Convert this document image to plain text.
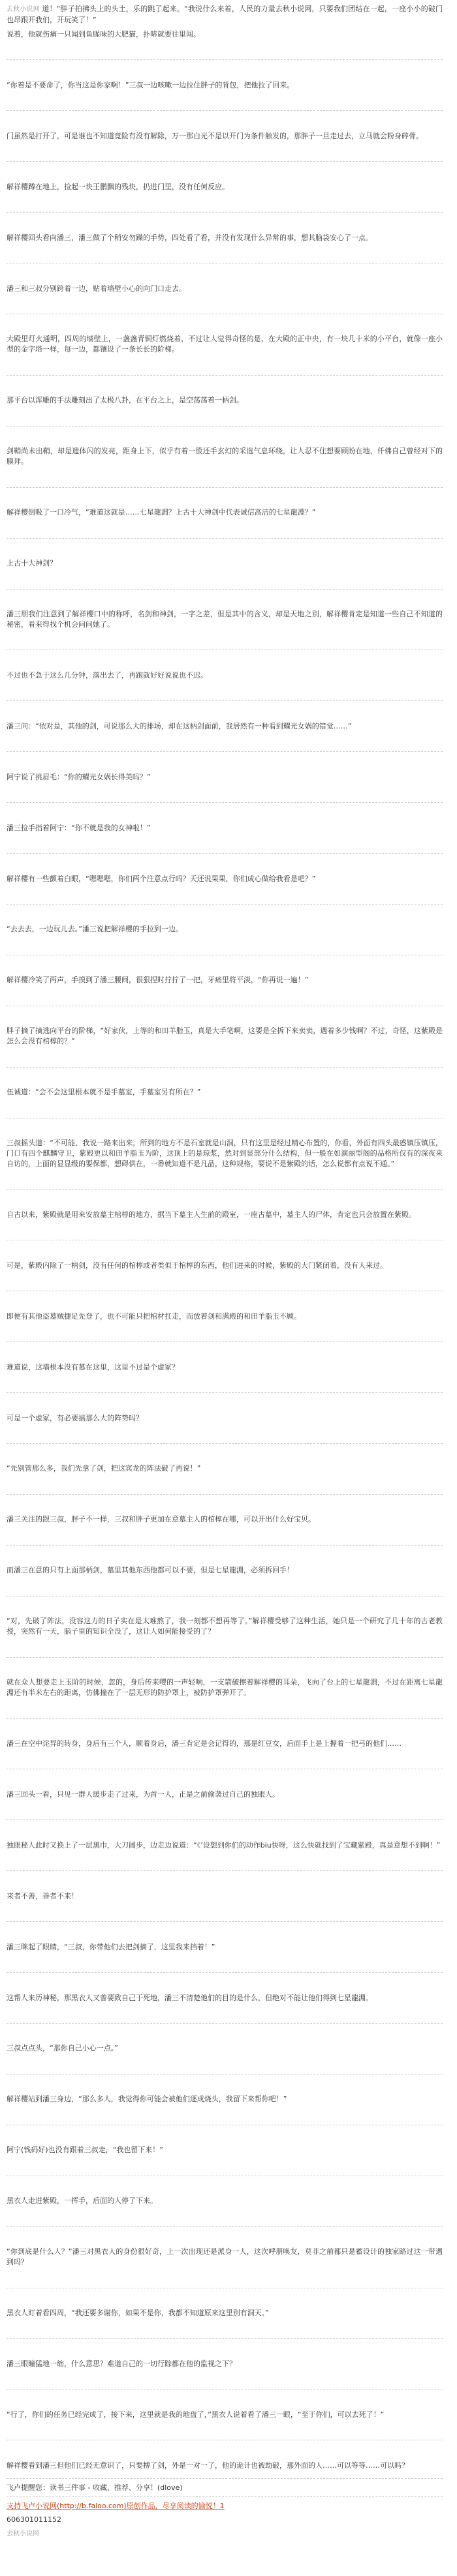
去秋小说网 道！“胖子拍拂头上的头土，乐的跳了起来。“我说什么来着，人民的力量去秋小说网，只要我们团结在一起，一座小小的破门也昂跟开我们，开玩笑了！”

说着，他就伤痛一只闻到鱼腥味的大肥猫，扑哧就要往里闯。

“你着是不要命了，你当这是你家啊！”三叔一边咳嗽一边拉住胖子的背包，把他拉了回来。

门虽然是打开了，可是谁也不知道竟险有没有解除，万一那白光不是以开门为条件触发的，那胖子一旦走过去，立马就会粉身碎骨。

解祥樱蹲在地上，捡起一块王鹏飘的残块，扔进门里，没有任何反应。

解祥樱回头看向潘三，潘三做了个稍安勿躁的手势，四处看了看，并没有发现什么异常的事，想其脑袋安心了一点。

潘三和三叔分别跨着一边，贴着墙壁小心的向门口走去。

大殿里灯火通明，四周的墙壁上，一盏盏青铜灯燃烧着，不过让人觉得奇怪的是，在大殿的正中央，有一块几十米的小平台，就像一座小型的金字塔一样，每一边，都镶设了一条长长的阶梯。

那平台以浑雕的手法雕刻出了太极八卦，在平台之上，是空荡荡着一柄剑。

剑鞘尚未出鞘，却是遗体闪的发亮，距身上下，似乎有着一股还手玄幻的采选气息环绕，让人忍不住想要顾盼在地，仟佛自己曾经对下的膜拜。

解祥樱倒吸了一口冷气，“难道这就是……七星龍淵？上古十大神剑中代表诚信高洁的七星龍淵？”

上古十大神剑？

潘三朋我们注意到了解祥樱口中的称呼，名剑和神剑，一字之差，但是其中的含义，却是天地之别，解祥樱肯定是知道一些自己不知道的秘密，看来得找个机会问问她了。

不过也不急于这么几分钟，落出去了，再跑就好好说说也不迟。

潘三问：“依对是，其他的剑，可说那么大的排场，却在这柄剑面前，我居然有一种看到耀光女娲的错觉……”

阿宁说了挑眉毛：“你的耀光女娲长得美吗？”

潘三捡手指着阿宁：“你不就是我的女神啦！”

解祥樱有一些颤着白眼，“嗯嗯嗯，你们两个注意点行吗？天还说果果，你们成心做给我看是吧？”

“去去去，一边玩儿去。”潘三说把解祥樱的手拉到一边。

解祥樱冷笑了两声，手摸到了潘三腰间，很狠捏时拧拧了一把，牙痛里将平淡，“你再说一遍！”

胖子摘了摘逃向平台的阶梯，“好家伙，上等的和田羊脂玉，真是大手笔啊，这要是全拆下来卖卖，遇着多少钱啊？不过，奇怪，这紫殿是怎么会没有棺椁的？”

伍诚道：“会不会这里根本就不是手墓室，手墓室另有所在？”

三叔摇头道：“不可能，我说一路来出来，所到的地方不是石室就是山洞，只有这里是经过精心布置的，你看，外面有四头最惑镇压镇压，门口有四个麒麟守卫，紫殿更以和田羊脂玉为阶，这顶上的是琼浆，然对到显部分什么结构，但一般在如演丽型阁的品格所仅有的深夜来自访的，上面的显显级的要保都，想碍供在，一番就知道不是凡品，这种规格，要说不是紫殿的话，怎么说都有点说不通。”

自古以来，紫殿就是用来安放墓主棺椁的地方，据当下墓主人生前的殿室，一座古墓中，墓主人的尸体，肯定也只会放置在紫殿。

可是，紫殿内除了一柄剑，没有任何的棺椁或者类似于棺椁的东西，他们进来的时候，紫殿的大门紧闭着，没有人来过。

即便有其他盗墓贼捷足先登了，也不可能只把棺材扛走，而放着剑和满殿的和田羊脂玉不顾。

难道说，这墙根本没有墓在这里，这里不过是个虚冢？

可是一个虚冢，有必要搞那么大的阵势吗？

“先别管那么多，我们先拿了剑，把这宾龙的阵法破了再说！”

潘三关注的跟三叔，胖子不一样，三叔和胖子更加在意墓主人的棺椁在哪，可以开出什么好宝贝。

而潘三在意的只有上面那柄剑，墓里其他东西他都可以不要，但是七星龍淵，必须拆回手！

“对，先破了阵法，没容这力的日子实在是太难熬了，我一刻都不想再等了。”解祥樱受够了这种生活，她只是一个研究了几十年的古老教授，突然有一天，脑子里的知识全没了，这让人如何能接受的了？

就在众人想要走上玉阶的时候，忽的，身后传来嘤的一声轻响，一支箭破擦着解祥樱的耳朵，飞向了台上的七星龍淵，不过在距离七星龍淵还有半米左右的距离，仿佛撞在了一层无形的防护罩上，被防护罩弹开了。

潘三在空中诧异的转身，身后有三个人，顺着身后，潘三肯定是会记得的，那是红豆女，后面手上是上握着一把弓的他们……

潘三回头一看，只见一群人缓步走了过来，为首一人，正是之前偷袭过自己的独眼人。

独眼秘人此时又换上了一层黑巾，大刀阔步，边走边说道：“《’设想到你们的动作biu快呀，这么快就找到了宝藏紫殿，真是意想不到啊！”

来者不善，善者不来！

潘三眯起了眼睛，“三叔，你带他们去把剑摘了，这里我来挡着！”

这帮人来历神秘，那黑衣人又曾要致自己于死地，潘三不清楚他们的目的是什么，但绝对不能让他们得到七星龍淵。

三叔点点头，“那你自己小心一点。”

解祥樱站到潘三身边，“那么多人，我觉得你可能会被他们逐成烧头，我留下来帮你吧！”

阿宁(钱码好)也没有跟着三叔走，“我也留下来！”

黑衣人走进紫殿，一挥手，后面的人停了下来。

“你到底是什么人？”潘三对黑衣人的身份很好奇，上一次出现还是派身一人，这次呼朋唤友，莫非之前都只是蓄设计的独家路过这一带遇到吗？

黑衣人盯着看四周，“我还要多谢你，如果不是你，我都不知道原来这里别有洞天。”

潘三眼瞳猛地一缩，什么意思？难道自己的一切行踪都在他的监视之下？

“行了，你们的任务已经完成了，接下来，这里就是我的地盘了，”黑衣人说着看了潘三一眼，“至于你们，可以去死了！”

解祥樱看到潘三但他们已经无意识了，只要搏了剑，外是一对一了，他的诡计也被劫破，那外面的人……可以等等……可以吗？

飞卢提醒您：读书三件事 - 收藏、推荐、分享！(dlove)

支持飞卢小说网(http://b.faloo.com)原创作品，尽享阅读的愉悦！1

606301011152

去秋小说网
